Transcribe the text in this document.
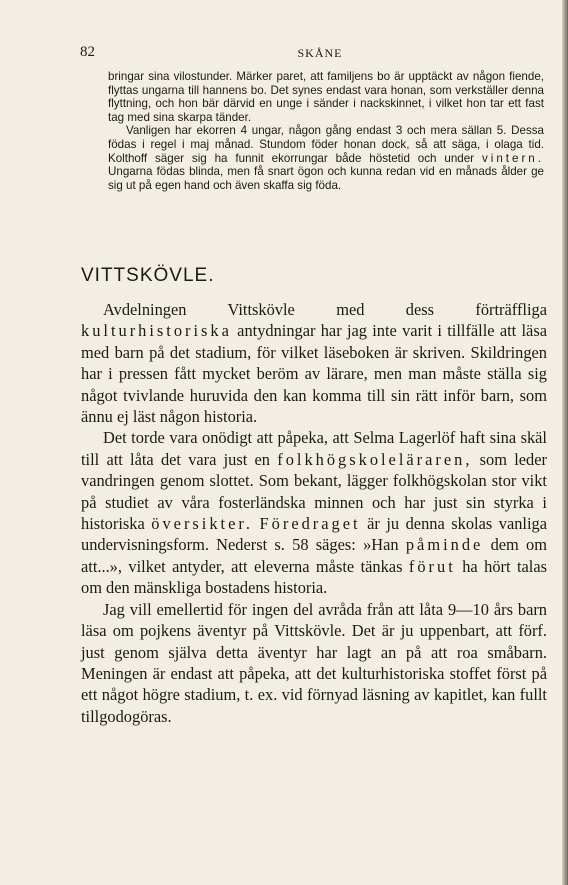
82	SKÅNE

bringar sina vilostunder. Märker paret, att familjens bo är upptäckt av någon fiende, flyttas ungarna till hannens bo. Det synes endast vara honan, som verkställer denna flyttning, och hon bär därvid en unge i sänder i nackskinnet, i vilket hon tar ett fast tag med sina skarpa tänder.

Vanligen har ekorren 4 ungar, någon gång endast 3 och mera sällan 5. Dessa födas i regel i maj månad. Stundom föder honan dock, så att säga, i olaga tid. Kolthoff säger sig ha funnit ekorrungar både höstetid och under vintern. Ungarna födas blinda, men få snart ögon och kunna redan vid en månads ålder ge sig ut på egen hand och även skaffa sig föda.

VITTSKÖVLE.

Avdelningen Vittskövle med dess förträffliga kulturhistoriska antydningar har jag inte varit i tillfälle att läsa med barn på det stadium, för vilket läseboken är skriven. Skildringen har i pressen fått mycket beröm av lärare, men man måste ställa sig något tvivlande huruvida den kan komma till sin rätt inför barn, som ännu ej läst någon historia.

Det torde vara onödigt att påpeka, att Selma Lagerlöf haft sina skäl till att låta det vara just en folkhögskoleläraren, som leder vandringen genom slottet. Som bekant, lägger folkhögskolan stor vikt på studiet av våra fosterländska minnen och har just sin styrka i historiska översikter. Föredraget är ju denna skolas vanliga undervisningsform. Nederst s. 58 säges: »Han påminde dem om att...», vilket antyder, att eleverna måste tänkas förut ha hört talas om den mänskliga bostadens historia.

Jag vill emellertid för ingen del avråda från att låta 9—10 års barn läsa om pojkens äventyr på Vittskövle. Det är ju uppenbart, att förf. just genom själva detta äventyr har lagt an på att roa småbarn. Meningen är endast att påpeka, att det kulturhistoriska stoffet först på ett något högre stadium, t. ex. vid förnyad läsning av kapitlet, kan fullt tillgodogöras.
